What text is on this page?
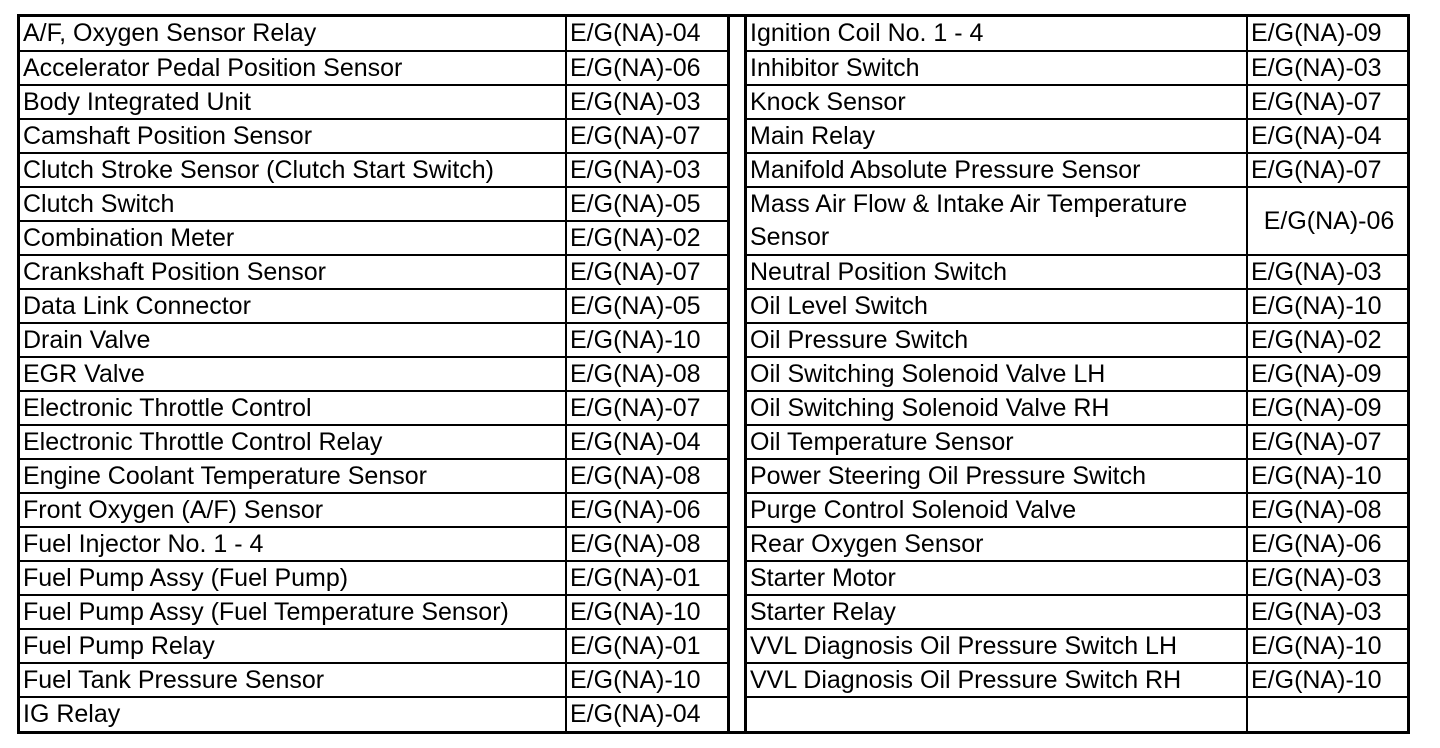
A/F, Oxygen Sensor Relay	E/G(NA)-04
Accelerator Pedal Position Sensor	E/G(NA)-06
Body Integrated Unit	E/G(NA)-03
Camshaft Position Sensor	E/G(NA)-07
Clutch Stroke Sensor (Clutch Start Switch)	E/G(NA)-03
Clutch Switch	E/G(NA)-05
Combination Meter	E/G(NA)-02
Crankshaft Position Sensor	E/G(NA)-07
Data Link Connector	E/G(NA)-05
Drain Valve	E/G(NA)-10
EGR Valve	E/G(NA)-08
Electronic Throttle Control	E/G(NA)-07
Electronic Throttle Control Relay	E/G(NA)-04
Engine Coolant Temperature Sensor	E/G(NA)-08
Front Oxygen (A/F) Sensor	E/G(NA)-06
Fuel Injector No. 1 - 4	E/G(NA)-08
Fuel Pump Assy (Fuel Pump)	E/G(NA)-01
Fuel Pump Assy (Fuel Temperature Sensor)	E/G(NA)-10
Fuel Pump Relay	E/G(NA)-01
Fuel Tank Pressure Sensor	E/G(NA)-10
IG Relay	E/G(NA)-04
Ignition Coil No. 1 - 4	E/G(NA)-09
Inhibitor Switch	E/G(NA)-03
Knock Sensor	E/G(NA)-07
Main Relay	E/G(NA)-04
Manifold Absolute Pressure Sensor	E/G(NA)-07
Mass Air Flow & Intake Air Temperature Sensor	E/G(NA)-06
Neutral Position Switch	E/G(NA)-03
Oil Level Switch	E/G(NA)-10
Oil Pressure Switch	E/G(NA)-02
Oil Switching Solenoid Valve LH	E/G(NA)-09
Oil Switching Solenoid Valve RH	E/G(NA)-09
Oil Temperature Sensor	E/G(NA)-07
Power Steering Oil Pressure Switch	E/G(NA)-10
Purge Control Solenoid Valve	E/G(NA)-08
Rear Oxygen Sensor	E/G(NA)-06
Starter Motor	E/G(NA)-03
Starter Relay	E/G(NA)-03
VVL Diagnosis Oil Pressure Switch LH	E/G(NA)-10
VVL Diagnosis Oil Pressure Switch RH	E/G(NA)-10
